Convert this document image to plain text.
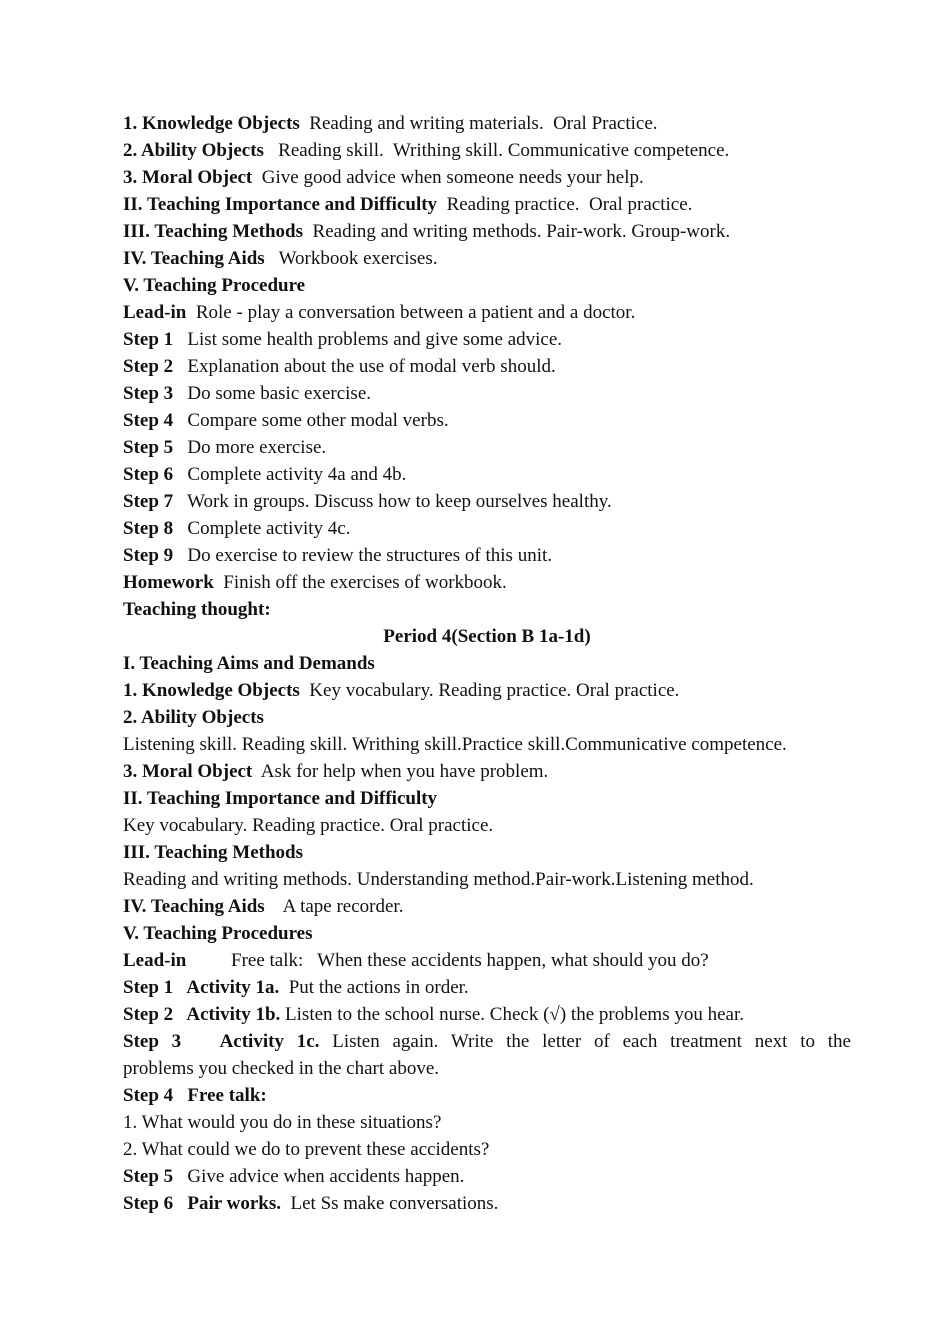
1. Knowledge Objects  Reading and writing materials.  Oral Practice.
2. Ability Objects   Reading skill.  Writhing skill. Communicative competence.
3. Moral Object  Give good advice when someone needs your help.
II. Teaching Importance and Difficulty  Reading practice.  Oral practice.
III. Teaching Methods  Reading and writing methods. Pair-work. Group-work.
IV. Teaching Aids   Workbook exercises.
V. Teaching Procedure
Lead-in  Role - play a conversation between a patient and a doctor.
Step 1   List some health problems and give some advice.
Step 2   Explanation about the use of modal verb should.
Step 3   Do some basic exercise.
Step 4   Compare some other modal verbs.
Step 5   Do more exercise.
Step 6   Complete activity 4a and 4b.
Step 7   Work in groups. Discuss how to keep ourselves healthy.
Step 8   Complete activity 4c.
Step 9   Do exercise to review the structures of this unit.
Homework  Finish off the exercises of workbook.
Teaching thought:
Period 4(Section B 1a-1d)
I. Teaching Aims and Demands
1. Knowledge Objects  Key vocabulary. Reading practice. Oral practice.
2. Ability Objects
Listening skill. Reading skill. Writhing skill.Practice skill.Communicative competence.
3. Moral Object  Ask for help when you have problem.
II. Teaching Importance and Difficulty
Key vocabulary. Reading practice. Oral practice.
III. Teaching Methods
Reading and writing methods. Understanding method.Pair-work.Listening method.
IV. Teaching Aids    A tape recorder.
V. Teaching Procedures
Lead-in Free talk:   When these accidents happen, what should you do?
Step 1   Activity 1a.  Put the actions in order.
Step 2   Activity 1b. Listen to the school nurse. Check (√) the problems you hear.
Step 3 Activity 1c. Listen again. Write the letter of each treatment next to the
problems you checked in the chart above.
Step 4   Free talk:
1. What would you do in these situations?
2. What could we do to prevent these accidents?
Step 5   Give advice when accidents happen.
Step 6   Pair works.  Let Ss make conversations.
